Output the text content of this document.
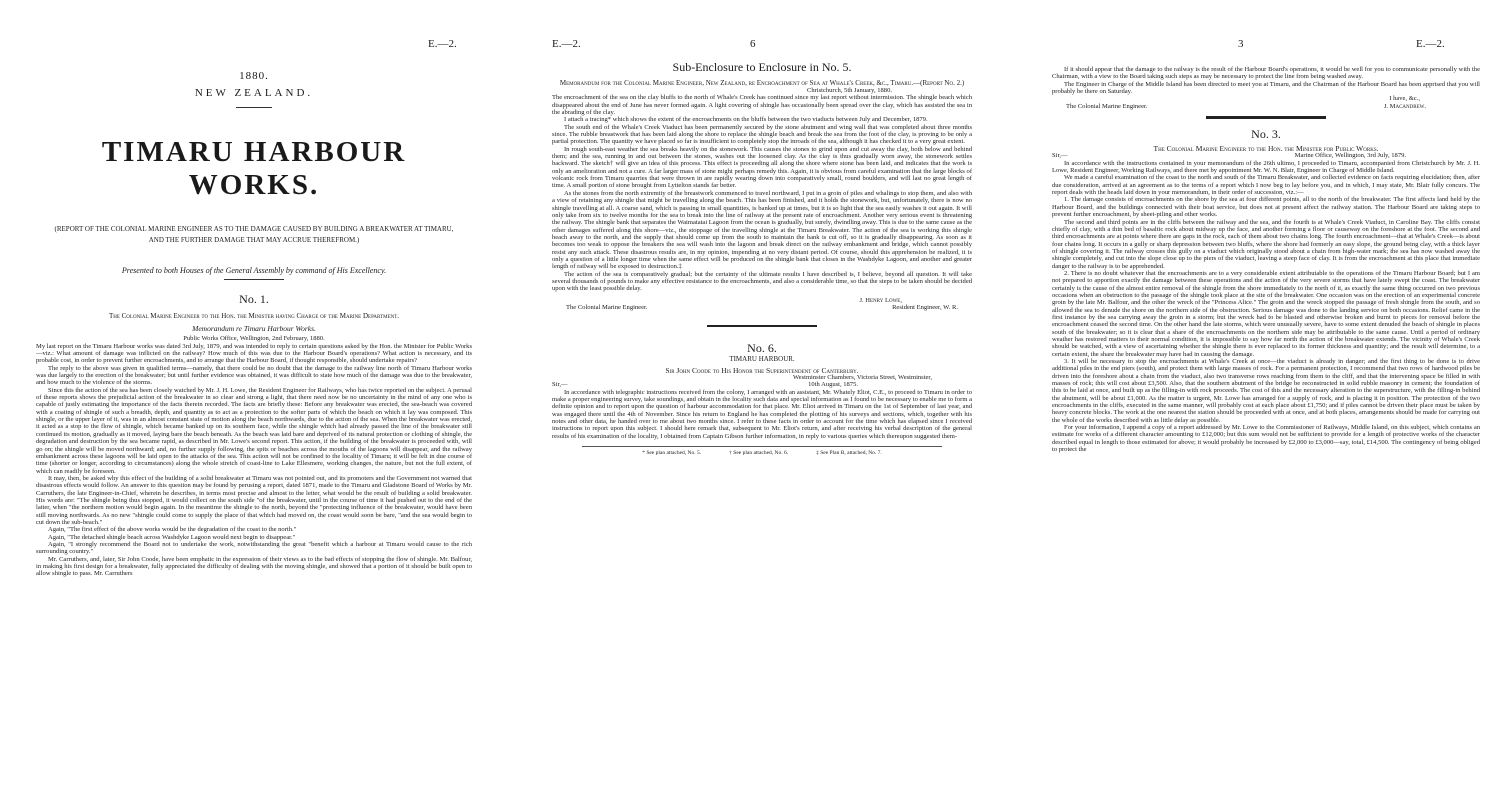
E.—2.
1880.
NEW ZEALAND.
TIMARU HARBOUR WORKS.
(REPORT OF THE COLONIAL MARINE ENGINEER AS TO THE DAMAGE CAUSED BY BUILDING A BREAKWATER AT TIMARU, AND THE FURTHER DAMAGE THAT MAY ACCRUE THEREFROM.)
Presented to both Houses of the General Assembly by command of His Excellency.
No. 1.

The Colonial Marine Engineer to the Hon. the Minister having Charge of the Marine Department.

Memorandum re Timaru Harbour Works.

Public Works Office, Wellington, 2nd February, 1880.

My last report on the Timaru Harbour works was dated 3rd July, 1879, and was intended to reply to certain questions asked by the Hon. the Minister for Public Works—viz.: What amount of damage was inflicted on the railway? How much of this was due to the Harbour Board's operations? What action is necessary, and its probable cost, in order to prevent further encroachments, and to arrange that the Harbour Board, if thought responsible, should undertake repairs?

The reply to the above was given in qualified terms—namely, that there could be no doubt that the damage to the railway line north of Timaru Harbour works was due largely to the erection of the breakwater; but until further evidence was obtained, it was difficult to state how much of the damage was due to the breakwater, and how much to the violence of the storms.

Since this the action of the sea has been closely watched by Mr. J. H. Lowe, the Resident Engineer for Railways, who has twice reported on the subject. A perusal of these reports shows the prejudicial action of the breakwater in so clear and strong a light, that there need now be no uncertainty in the mind of any one who is capable of justly estimating the importance of the facts therein recorded. The facts are briefly these: Before any breakwater was erected, the sea-beach was covered with a coating of shingle of such a breadth, depth, and quantity as to act as a protection to the softer parts of which the beach on which it lay was composed. This shingle, or the upper layer of it, was in an almost constant state of motion along the beach northwards, due to the action of the sea. When the breakwater was erected, it acted as a stop to the flow of shingle, which became banked up on its southern face, while the shingle which had already passed the line of the breakwater still continued its motion, gradually as it moved, laying bare the beach beneath. As the beach was laid bare and deprived of its natural protection or clothing of shingle, the degradation and destruction by the sea became rapid, as described in Mr. Lowe's second report. This action, if the building of the breakwater is proceeded with, will go on; the shingle will be moved northward; and, no further supply following, the spits or beaches across the mouths of the lagoons will disappear, and the railway embankment across these lagoons will be laid open to the attacks of the sea. This action will not be confined to the locality of Timaru; it will be felt in due course of time (shorter or longer, according to circumstances) along the whole stretch of coast-line to Lake Ellesmere, working changes, the nature, but not the full extent, of which can readily be foreseen.

It may, then, be asked why this effect of the building of a solid breakwater at Timaru was not pointed out, and its promoters and the Government not warned that disastrous effects would follow. An answer to this question may be found by perusing a report, dated 1871, made to the Timaru and Gladstone Board of Works by Mr. Carruthers, the late Engineer-in-Chief, wherein he describes, in terms most precise and almost to the letter, what would be the result of building a solid breakwater. His words are: "The shingle being thus stopped, it would collect on the south side "of the breakwater, until in the course of time it had pushed out to the end of the latter, when "the northern motion would begin again. In the meantime the shingle to the north, beyond the "protecting influence of the breakwater, would have been still moving northwards. As no new "shingle could come to supply the place of that which had moved on, the coast would soon be bare, "and the sea would begin to cut down the sub-beach."

Again, "The first effect of the above works would be the degradation of the coast to the north."

Again, "The detached shingle beach across Washdyke Lagoon would next begin to disappear."

Again, "I strongly recommend the Board not to undertake the work, notwithstanding the great "benefit which a harbour at Timaru would cause to the rich surrounding country."

Mr. Carruthers, and, later, Sir John Coode, have been emphatic in the expression of their views as to the bad effects of stopping the flow of shingle. Mr. Balfour, in making his first design for a breakwater, fully appreciated the difficulty of dealing with the moving shingle, and showed that a portion of it should be built open to allow shingle to pass. Mr. Carruthers

E.—2.	6
Sub-Enclosure to Enclosure in No. 5.

Memorandum for the Colonial Marine Engineer, New Zealand, re Encroachment of Sea at Whale's Creek, &c., Timaru.—(Report No. 2.)

Christchurch, 5th January, 1880.

The encroachment of the sea on the clay bluffs to the north of Whale's Creek has continued since my last report without intermission. The shingle beach which disappeared about the end of June has never formed again. A light covering of shingle has occasionally been spread over the clay, which has assisted the sea in the abrading of the clay.

I attach a tracing* which shows the extent of the encroachments on the bluffs between the two viaducts between July and December, 1879.

The south end of the Whale's Creek Viaduct has been permanently secured by the stone abutment and wing wall that was completed about three months since. The rubble breastwork that has been laid along the shore to replace the shingle beach and break the sea from the foot of the clay, is proving to be only a partial protection. The quantity we have placed so far is insufficient to completely stop the inroads of the sea, although it has checked it to a very great extent.

In rough south-east weather the sea breaks heavily on the stonework. This causes the stones to grind upon and cut away the clay, both below and behind them; and the sea, running in and out between the stones, washes out the loosened clay. As the clay is thus gradually worn away, the stonework settles backward. The sketch† will give an idea of this process. This effect is proceeding all along the shore where stone has been laid, and indicates that the work is only an amelioration and not a cure. A far larger mass of stone might perhaps remedy this. Again, it is obvious from careful examination that the large blocks of volcanic rock from Timaru quarries that were thrown in are rapidly wearing down into comparatively small, round boulders, and will last no great length of time. A small portion of stone brought from Lyttelton stands far better.

As the stones from the north extremity of the breastwork commenced to travel northward, I put in a groin of piles and whalings to stop them, and also with a view of retaining any shingle that might be travelling along the beach. This has been finished, and it holds the stonework, but, unfortunately, there is now no shingle travelling at all. A coarse sand, which is passing in small quantities, is banked up at times, but it is so light that the sea easily washes it out again. It will only take from six to twelve months for the sea to break into the line of railway at the present rate of encroachment. Another very serious event is threatening the railway. The shingle bank that separates the Waimatatai Lagoon from the ocean is gradually, but surely, dwindling away. This is due to the same cause as the other damages suffered along this shore—viz., the stoppage of the travelling shingle at the Timaru Breakwater. The action of the sea is working this shingle beach away to the north, and the supply that should come up from the south to maintain the bank is cut off, so it is gradually disappearing. As soon as it becomes too weak to oppose the breakers the sea will wash into the lagoon and break direct on the railway embankment and bridge, which cannot possibly resist any such attack. These disastrous results are, in my opinion, impending at no very distant period. Of course, should this apprehension be realized, it is only a question of a little longer time when the same effect will be produced on the shingle bank that closes in the Washdyke Lagoon, and another and greater length of railway will be exposed to destruction.‡

The action of the sea is comparatively gradual; but the certainty of the ultimate results I have described is, I believe, beyond all question. It will take several thousands of pounds to make any effective resistance to the encroachments, and also a considerable time, so that the steps to be taken should be decided upon with the least possible delay.

J. Henry Lowe,

The Colonial Marine Engineer.	Resident Engineer, W. R.
No. 6.

TIMARU HARBOUR.

Sir John Coode to His Honor the Superintendent of Canterbury.

Westminster Chambers, Victoria Street, Westminster,

Sir,—	10th August, 1875.

In accordance with telegraphic instructions received from the colony, I arranged with an assistant, Mr. Whately Eliot, C.E., to proceed to Timaru in order to make a proper engineering survey, take soundings, and obtain in the locality such data and special information as I found to be necessary to enable me to form a definite opinion and to report upon the question of harbour accommodation for that place. Mr. Eliot arrived in Timaru on the 1st of September of last year, and was engaged there until the 4th of November. Since his return to England he has completed the plotting of his surveys and sections, which, together with his notes and other data, he handed over to me about two months since. I refer to these facts in order to account for the time which has elapsed since I received instructions to report upon this subject. I should here remark that, subsequent to Mr. Eliot's return, and after receiving his verbal description of the general results of his examination of the locality, I obtained from Captain Gibson further information, in reply to various queries which thereupon suggested them-

* See plan attached, No. 5.	† See plan attached, No. 6.	‡ See Plan B, attached, No. 7.
3	E.—2.

If it should appear that the damage to the railway is the result of the Harbour Board's operations, it would be well for you to communicate personally with the Chairman, with a view to the Board taking such steps as may be necessary to protect the line from being washed away.

The Engineer in Charge of the Middle Island has been directed to meet you at Timaru, and the Chairman of the Harbour Board has been apprised that you will probably be there on Saturday.

I have, &c.,

The Colonial Marine Engineer.	J. Macandrew.
No. 3.

The Colonial Marine Engineer to the Hon. the Minister for Public Works.

Sir,—	Marine Office, Wellington, 3rd July, 1879.

In accordance with the instructions contained in your memorandum of the 26th ultimo, I proceeded to Timaru, accompanied from Christchurch by Mr. J. H. Lowe, Resident Engineer, Working Railways, and there met by appointment Mr. W. N. Blair, Engineer in Charge of Middle Island.

We made a careful examination of the coast to the north and south of the Timaru Breakwater, and collected evidence on facts requiring elucidation; then, after due consideration, arrived at an agreement as to the terms of a report which I now beg to lay before you, and in which, I may state, Mr. Blair fully concurs. The report deals with the heads laid down in your memorandum, in their order of succession, viz.:—

1. The damage consists of encroachments on the shore by the sea at four different points, all to the north of the breakwater. The first affects land held by the Harbour Board, and the buildings connected with their boat service, but does not at present affect the railway station. The Harbour Board are taking steps to prevent further encroachment, by sheet-piling and other works.

The second and third points are in the cliffs between the railway and the sea, and the fourth is at Whale's Creek Viaduct, in Caroline Bay. The cliffs consist chiefly of clay, with a thin bed of basaltic rock about midway up the face, and another forming a floor or causeway on the foreshore at the foot. The second and third encroachments are at points where there are gaps in the rock, each of them about two chains long. The fourth encroachment—that at Whale's Creek—is about four chains long. It occurs in a gully or sharp depression between two bluffs, where the shore had formerly an easy slope, the ground being clay, with a thick layer of shingle covering it. The railway crosses this gully on a viaduct which originally stood about a chain from high-water mark; the sea has now washed away the shingle completely, and cut into the slope close up to the piers of the viaduct, leaving a steep face of clay. It is from the encroachment at this place that immediate danger to the railway is to be apprehended.

2. There is no doubt whatever that the encroachments are to a very considerable extent attributable to the operations of the Timaru Harbour Board; but I am not prepared to apportion exactly the damage between these operations and the action of the very severe storms that have lately swept the coast. The breakwater certainly is the cause of the almost entire removal of the shingle from the shore immediately to the north of it, as exactly the same thing occurred on two previous occasions when an obstruction to the passage of the shingle took place at the site of the breakwater. One occasion was on the erection of an experimental concrete groin by the late Mr. Balfour, and the other the wreck of the "Princess Alice." The groin and the wreck stopped the passage of fresh shingle from the south, and so allowed the sea to denude the shore on the northern side of the obstruction. Serious damage was done to the landing service on both occasions. Relief came in the first instance by the sea carrying away the groin in a storm; but the wreck had to be blasted and otherwise broken and burnt to pieces for removal before the encroachment ceased the second time. On the other hand the late storms, which were unusually severe, have to some extent denuded the beach of shingle in places south of the breakwater; so it is clear that a share of the encroachments on the northern side may be attributable to the same cause. Until a period of ordinary weather has restored matters to their normal condition, it is impossible to say how far north the action of the breakwater extends. The vicinity of Whale's Creek should be watched, with a view of ascertaining whether the shingle there is ever replaced to its former thickness and quantity; and the result will determine, to a certain extent, the share the breakwater may have had in causing the damage.

3. It will be necessary to stop the encroachments at Whale's Creek at once—the viaduct is already in danger; and the first thing to be done is to drive additional piles in the end piers (south), and protect them with large masses of rock. For a permanent protection, I recommend that two rows of hardwood piles be driven into the foreshore about a chain from the viaduct, also two transverse rows reaching from them to the cliff, and that the intervening space be filled in with masses of rock; this will cost about £3,500. Also, that the southern abutment of the bridge be reconstructed in solid rubble masonry in cement; the foundation of this to be laid at once, and built up as the filling-in with rock proceeds. The cost of this and the necessary alteration to the superstructure, with the filling-in behind the abutment, will be about £1,000. As the matter is urgent, Mr. Lowe has arranged for a supply of rock, and is placing it in position. The protection of the two encroachments in the cliffs, executed in the same manner, will probably cost at each place about £1,750; and if piles cannot be driven their place must be taken by heavy concrete blocks. The work at the one nearest the station should be proceeded with at once, and at both places, arrangements should be made for carrying out the whole of the works described with as little delay as possible.

For your information, I append a copy of a report addressed by Mr. Lowe to the Commissioner of Railways, Middle Island, on this subject, which contains an estimate for works of a different character amounting to £12,000; but this sum would not be sufficient to provide for a length of protective works of the character described equal in length to those estimated for above; it would probably be increased by £2,000 to £3,000—say, total, £14,500. The contingency of being obliged to protect the
